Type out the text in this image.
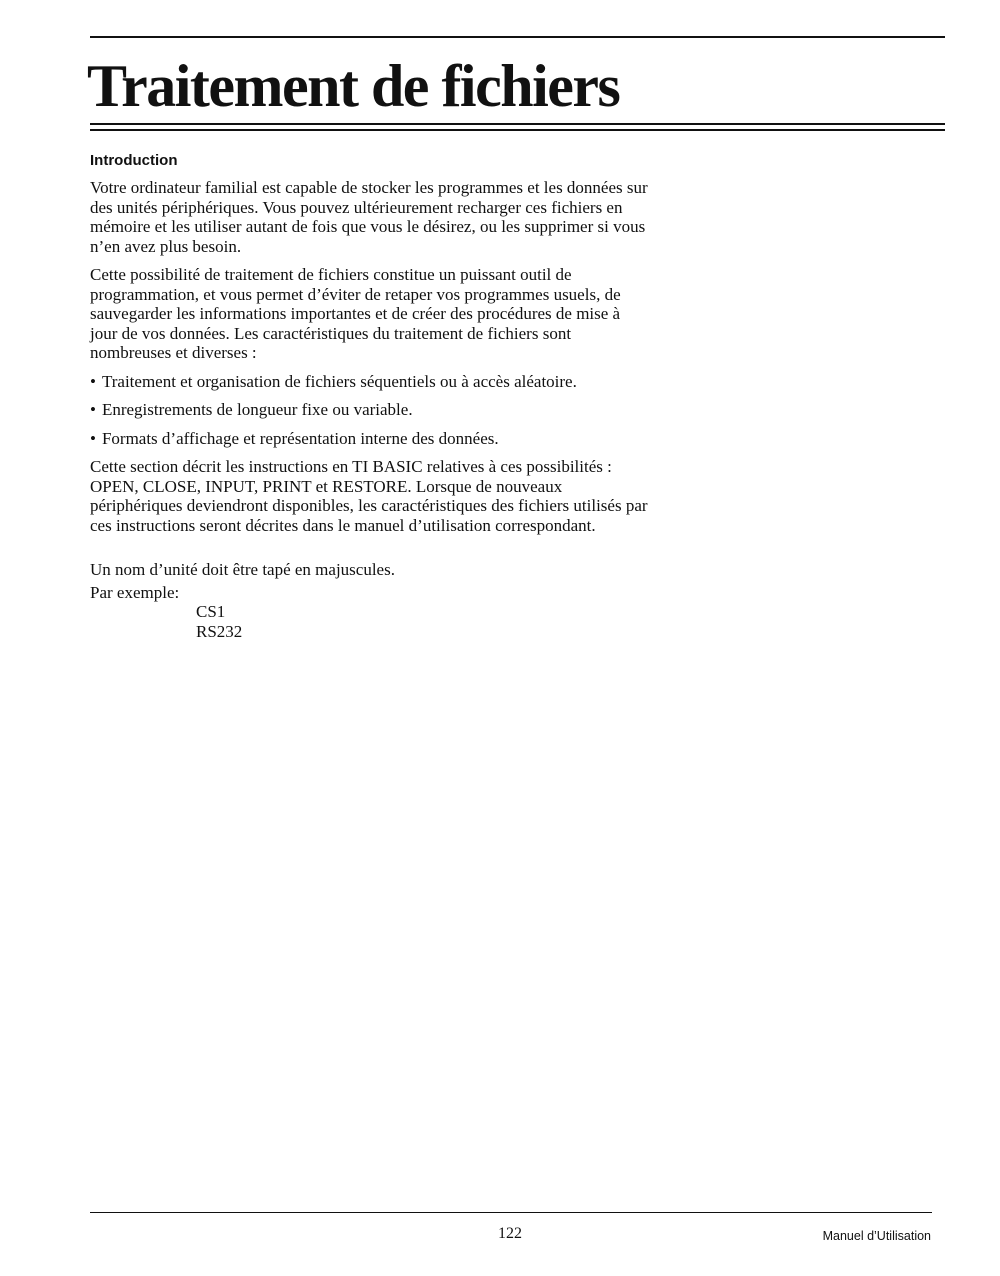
Traitement de fichiers
Introduction

Votre ordinateur familial est capable de stocker les programmes et les données sur des unités périphériques. Vous pouvez ultérieurement recharger ces fichiers en mémoire et les utiliser autant de fois que vous le désirez, ou les supprimer si vous n’en avez plus besoin.

Cette possibilité de traitement de fichiers constitue un puissant outil de programmation, et vous permet d’éviter de retaper vos programmes usuels, de sauvegarder les informations importantes et de créer des procédures de mise à jour de vos données. Les caractéristiques du traitement de fichiers sont nombreuses et diverses :

• Traitement et organisation de fichiers séquentiels ou à accès aléatoire.
• Enregistrements de longueur fixe ou variable.
• Formats d’affichage et représentation interne des données.

Cette section décrit les instructions en TI BASIC relatives à ces possibilités : OPEN, CLOSE, INPUT, PRINT et RESTORE. Lorsque de nouveaux périphériques deviendront disponibles, les caractéristiques des fichiers utilisés par ces instructions seront décrites dans le manuel d’utilisation correspondant.

Un nom d’unité doit être tapé en majuscules.

Par exemple:

CS1
RS232
122	Manuel d’Utilisation
